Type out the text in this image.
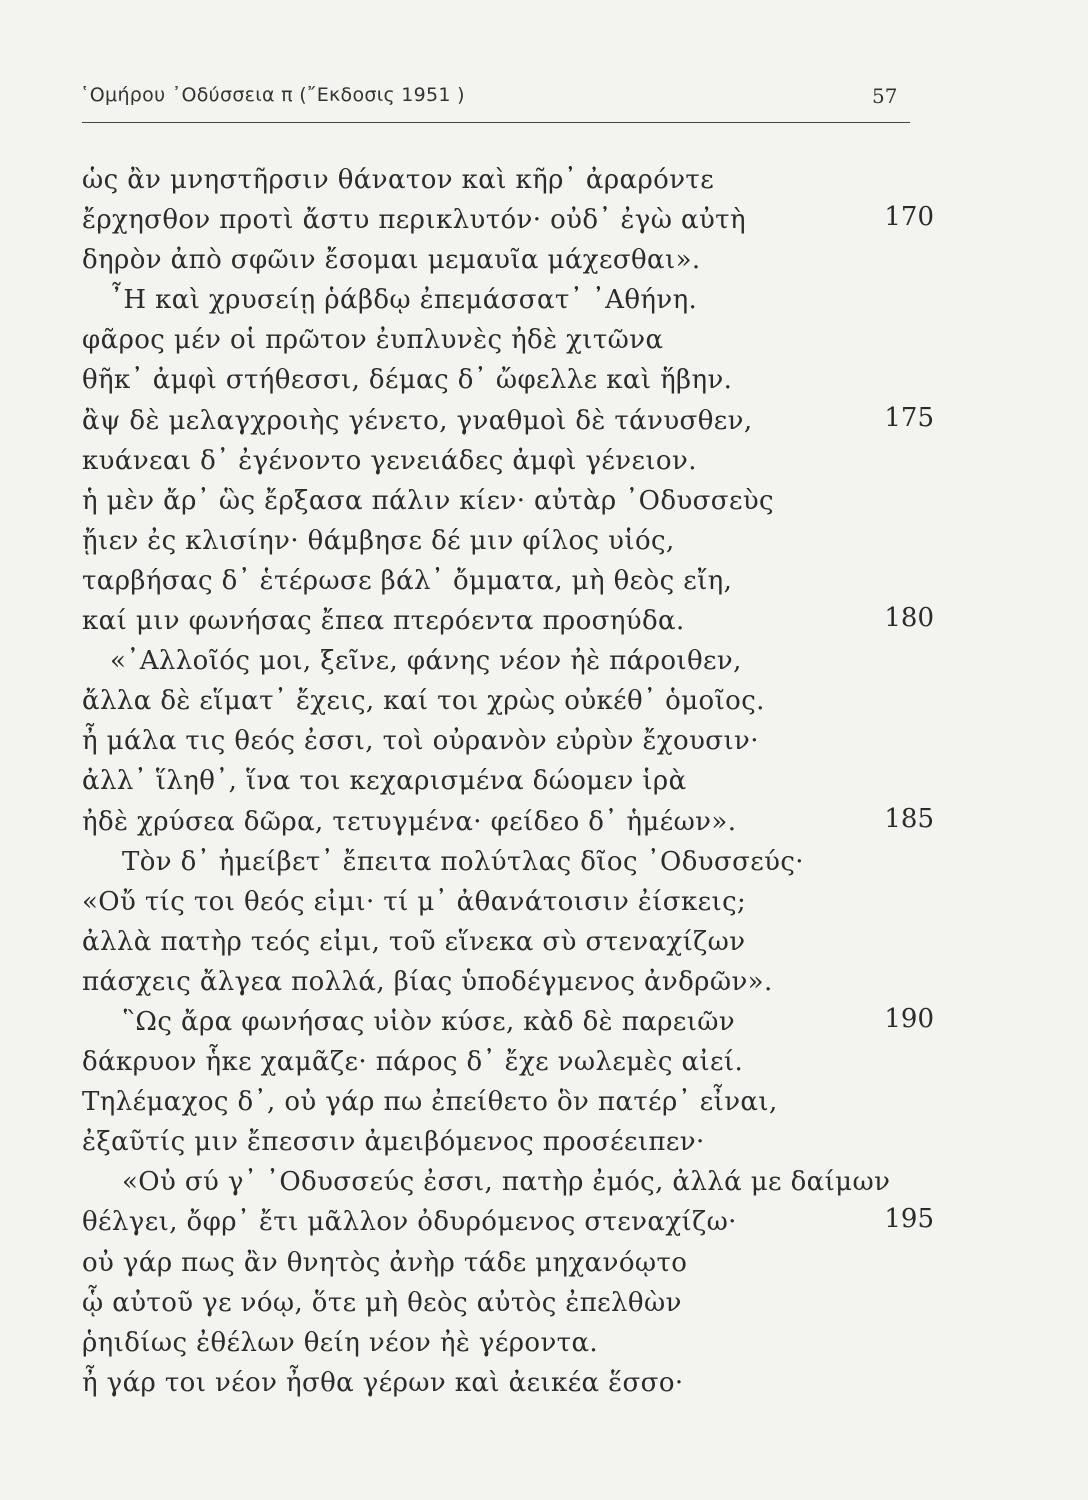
῾Ομήρου ᾿Οδύσσεια π (῎Εκδοσις 1951 )	57
ὡς ἂν μνηστῆρσιν θάνατον καὶ κῆρ᾿ ἀραρόντε
ἔρχησθον προτὶ ἄστυ περικλυτόν· οὐδ᾿ ἐγὼ αὐτὴ	170
δηρὸν ἀπὸ σφῶιν ἔσομαι μεμαυῖα μάχεσθαι».
῏Η καὶ χρυσείῃ ῥάβδῳ ἐπεμάσσατ᾿ ᾿Αθήνη.
φᾶρος μέν οἱ πρῶτον ἐυπλυνὲς ἠδὲ χιτῶνα
θῆκ᾿ ἀμφὶ στήθεσσι, δέμας δ᾿ ὤφελλε καὶ ἥβην.
ἂψ δὲ μελαγχροιὴς γένετο, γναθμοὶ δὲ τάνυσθεν,	175
κυάνεαι δ᾿ ἐγένοντο γενειάδες ἀμφὶ γένειον.
ἡ μὲν ἄρ᾿ ὣς ἔρξασα πάλιν κίεν· αὐτὰρ ᾿Οδυσσεὺς
ᾔιεν ἐς κλισίην· θάμβησε δέ μιν φίλος υἱός,
ταρβήσας δ᾿ ἑτέρωσε βάλ᾿ ὄμματα, μὴ θεὸς εἴη,
καί μιν φωνήσας ἔπεα πτερόεντα προσηύδα.	180
«᾿Αλλοῖός μοι, ξεῖνε, φάνης νέον ἠὲ πάροιθεν,
ἄλλα δὲ εἵματ᾿ ἔχεις, καί τοι χρὼς οὐκέθ᾿ ὁμοῖος.
ἦ μάλα τις θεός ἐσσι, τοὶ οὐρανὸν εὐρὺν ἔχουσιν·
ἀλλ᾿ ἵληθ᾿, ἵνα τοι κεχαρισμένα δώομεν ἱρὰ
ἠδὲ χρύσεα δῶρα, τετυγμένα· φείδεο δ᾿ ἡμέων».	185
Τὸν δ᾿ ἠμείβετ᾿ ἔπειτα πολύτλας δῖος ᾿Οδυσσεύς·
«Οὔ τίς τοι θεός εἰμι· τί μ᾿ ἀθανάτοισιν ἐίσκεις;
ἀλλὰ πατὴρ τεός εἰμι, τοῦ εἵνεκα σὺ στεναχίζων
πάσχεις ἄλγεα πολλά, βίας ὑποδέγμενος ἀνδρῶν».
῝Ως ἄρα φωνήσας υἱὸν κύσε, κὰδ δὲ παρειῶν	190
δάκρυον ἧκε χαμᾶζε· πάρος δ᾿ ἔχε νωλεμὲς αἰεί.
Τηλέμαχος δ᾿, οὐ γάρ πω ἐπείθετο ὃν πατέρ᾿ εἶναι,
ἐξαῦτίς μιν ἔπεσσιν ἀμειβόμενος προσέειπεν·
«Οὐ σύ γ᾿ ᾿Οδυσσεύς ἐσσι, πατὴρ ἐμός, ἀλλά με δαίμων
θέλγει, ὄφρ᾿ ἔτι μᾶλλον ὀδυρόμενος στεναχίζω·	195
οὐ γάρ πως ἂν θνητὸς ἀνὴρ τάδε μηχανόῳτο
ᾧ αὐτοῦ γε νόῳ, ὅτε μὴ θεὸς αὐτὸς ἐπελθὼν
ῥηιδίως ἐθέλων θείη νέον ἠὲ γέροντα.
ἦ γάρ τοι νέον ἦσθα γέρων καὶ ἀεικέα ἕσσο·
